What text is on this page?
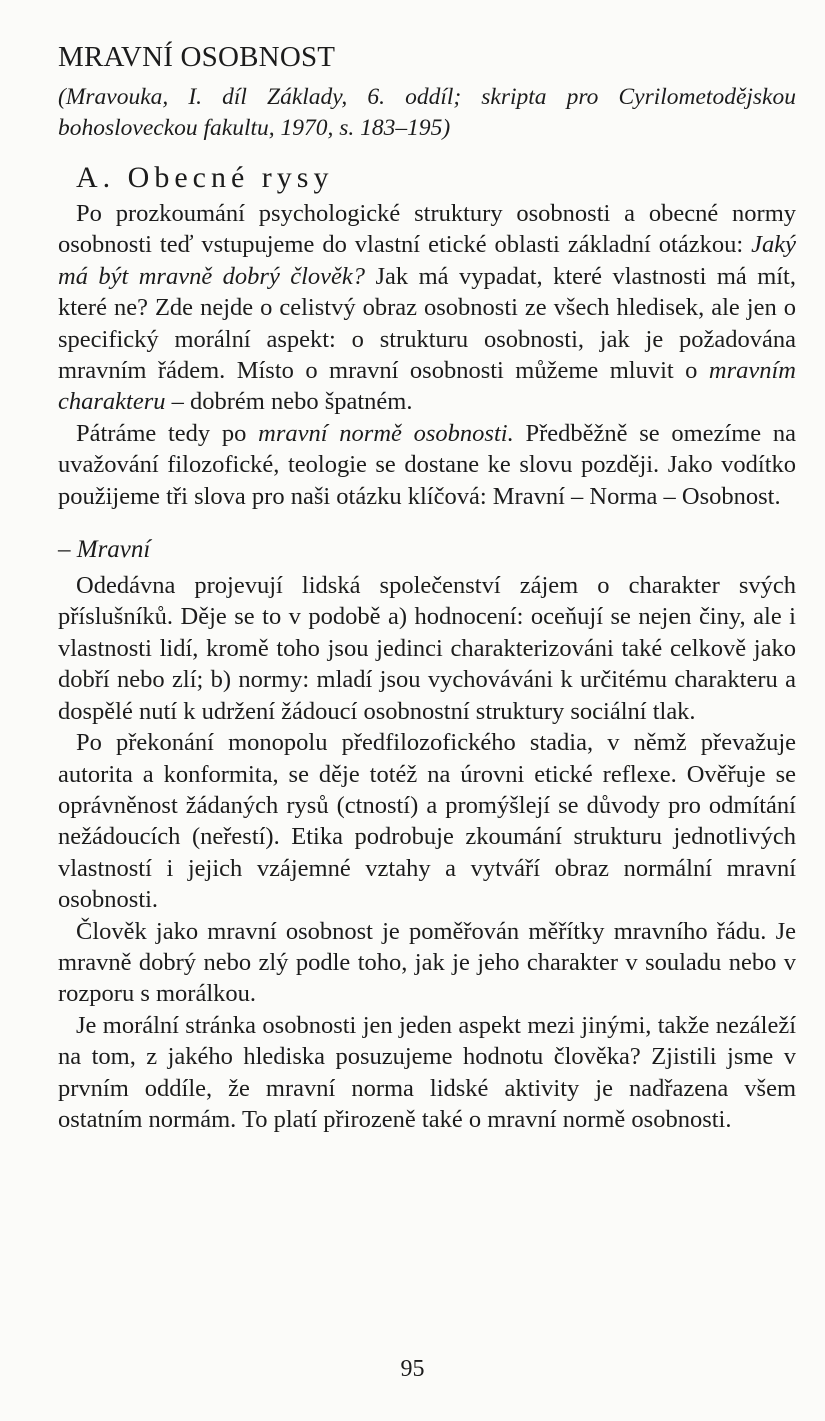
MRAVNÍ OSOBNOST

(Mravouka, I. díl Základy, 6. oddíl; skripta pro Cyrilometodějskou bohosloveckou fakultu, 1970, s. 183–195)

A. Obecné rysy

Po prozkoumání psychologické struktury osobnosti a obecné normy osobnosti teď vstupujeme do vlastní etické oblasti základní otázkou: Jaký má být mravně dobrý člověk? Jak má vypadat, které vlastnosti má mít, které ne? Zde nejde o celistvý obraz osobnosti ze všech hledisek, ale jen o specifický morální aspekt: o strukturu osobnosti, jak je požadována mravním řádem. Místo o mravní osobnosti můžeme mluvit o mravním charakteru – dobrém nebo špatném.

Pátráme tedy po mravní normě osobnosti. Předběžně se omezíme na uvažování filozofické, teologie se dostane ke slovu později. Jako vodítko použijeme tři slova pro naši otázku klíčová: Mravní – Norma – Osobnost.

– Mravní

Odedávna projevují lidská společenství zájem o charakter svých příslušníků. Děje se to v podobě a) hodnocení: oceňují se nejen činy, ale i vlastnosti lidí, kromě toho jsou jedinci charakterizováni také celkově jako dobří nebo zlí; b) normy: mladí jsou vychováváni k určitému charakteru a dospělé nutí k udržení žádoucí osobnostní struktury sociální tlak.

Po překonání monopolu předfilozofického stadia, v němž převažuje autorita a konformita, se děje totéž na úrovni etické reflexe. Ověřuje se oprávněnost žádaných rysů (ctností) a promýšlejí se důvody pro odmítání nežádoucích (neřestí). Etika podrobuje zkoumání strukturu jednotlivých vlastností i jejich vzájemné vztahy a vytváří obraz normální mravní osobnosti.

Člověk jako mravní osobnost je poměřován měřítky mravního řádu. Je mravně dobrý nebo zlý podle toho, jak je jeho charakter v souladu nebo v rozporu s morálkou.

Je morální stránka osobnosti jen jeden aspekt mezi jinými, takže nezáleží na tom, z jakého hlediska posuzujeme hodnotu člověka? Zjistili jsme v prvním oddíle, že mravní norma lidské aktivity je nadřazena všem ostatním normám. To platí přirozeně také o mravní normě osobnosti.

95
